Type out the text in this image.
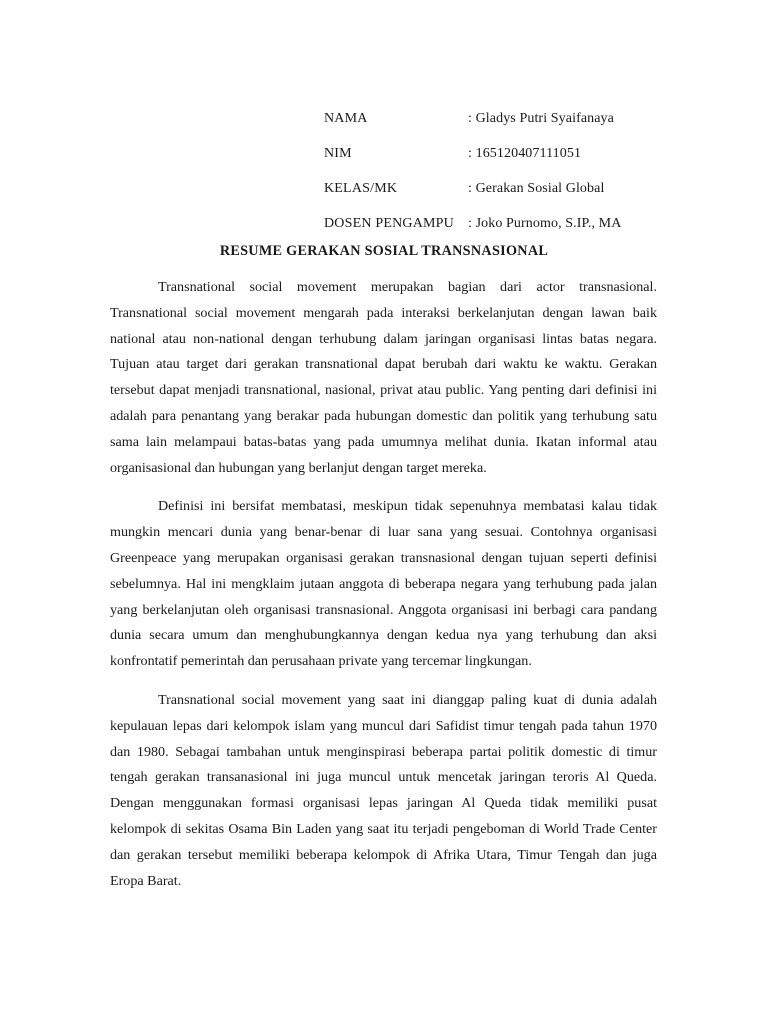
NAMA	: Gladys Putri Syaifanaya
NIM	: 165120407111051
KELAS/MK	: Gerakan Sosial Global
DOSEN PENGAMPU	: Joko Purnomo, S.IP., MA
RESUME GERAKAN SOSIAL TRANSNASIONAL

Transnational social movement merupakan bagian dari actor transnasional. Transnational social movement mengarah pada interaksi berkelanjutan dengan lawan baik national atau non-national dengan terhubung dalam jaringan organisasi lintas batas negara. Tujuan atau target dari gerakan transnational dapat berubah dari waktu ke waktu. Gerakan tersebut dapat menjadi transnational, nasional, privat atau public. Yang penting dari definisi ini adalah para penantang yang berakar pada hubungan domestic dan politik yang terhubung satu sama lain melampaui batas-batas yang pada umumnya melihat dunia. Ikatan informal atau organisasional dan hubungan yang berlanjut dengan target mereka.

Definisi ini bersifat membatasi, meskipun tidak sepenuhnya membatasi kalau tidak mungkin mencari dunia yang benar-benar di luar sana yang sesuai. Contohnya organisasi Greenpeace yang merupakan organisasi gerakan transnasional dengan tujuan seperti definisi sebelumnya. Hal ini mengklaim jutaan anggota di beberapa negara yang terhubung pada jalan yang berkelanjutan oleh organisasi transnasional. Anggota organisasi ini berbagi cara pandang dunia secara umum dan menghubungkannya dengan kedua nya yang terhubung dan aksi konfrontatif pemerintah dan perusahaan private yang tercemar lingkungan.

Transnational social movement yang saat ini dianggap paling kuat di dunia adalah kepulauan lepas dari kelompok islam yang muncul dari Safidist timur tengah pada tahun 1970 dan 1980. Sebagai tambahan untuk menginspirasi beberapa partai politik domestic di timur tengah gerakan transanasional ini juga muncul untuk mencetak jaringan teroris Al Queda. Dengan menggunakan formasi organisasi lepas jaringan Al Queda tidak memiliki pusat kelompok di sekitas Osama Bin Laden yang saat itu terjadi pengeboman di World Trade Center dan gerakan tersebut memiliki beberapa kelompok di Afrika Utara, Timur Tengah dan juga Eropa Barat.
